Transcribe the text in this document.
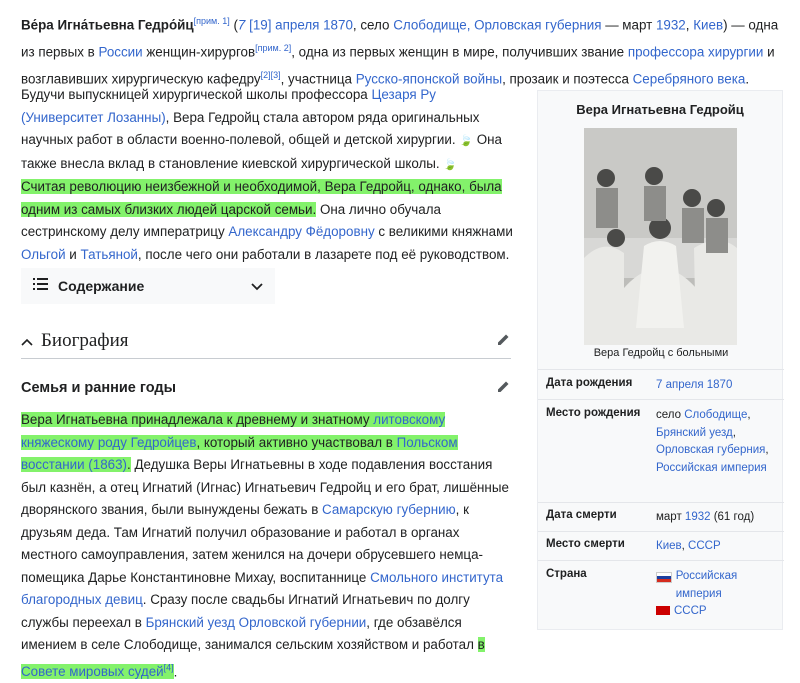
Ве́ра Игна́тьевна Гедро́йц[прим. 1] (7 [19] апреля 1870, село Слободище, Орловская губерния — март 1932, Киев) — одна из первых в России женщин-хирургов[прим. 2], одна из первых женщин в мире, получивших звание профессора хирургии и возглавивших хирургическую кафедру[2][3], участница Русско-японской войны, прозаик и поэтесса Серебряного века.
Будучи выпускницей хирургической школы профессора Цезаря Ру (Университет Лозанны), Вера Гедройц стала автором ряда оригинальных научных работ в области военно-полевой, общей и детской хирургии. 🍃 Она также внесла вклад в становление киевской хирургической школы. 🍃
Считая революцию неизбежной и необходимой, Вера Гедройц, однако, была одним из самых близких людей царской семьи. Она лично обучала сестринскому делу императрицу Александру Фёдоровну с великими княжнами Ольгой и Татьяной, после чего они работали в лазарете под её руководством.
Содержание
Биография
Семья и ранние годы
Вера Игнатьевна принадлежала к древнему и знатному литовскому княжескому роду Гедройцев, который активно участвовал в Польском восстании (1863). Дедушка Веры Игнатьевны в ходе подавления восстания был казнён, а отец Игнатий (Игнас) Игнатьевич Гедройц и его брат, лишённые дворянского звания, были вынуждены бежать в Самарскую губернию, к друзьям деда. Там Игнатий получил образование и работал в органах местного самоуправления, затем женился на дочери обрусевшего немца-помещика Дарье Константиновне Михау, воспитаннице Смольного института благородных девиц. Сразу после свадьбы Игнатий Игнатьевич по долгу службы переехал в Брянский уезд Орловской губернии, где обзавёлся имением в селе Слободище, занимался сельским хозяйством и работал в Совете мировых судей[4].
Вера Игнатьевна Гедройц
Вера Гедройц с больными
Дата рождения	7 апреля 1870
Место рождения	село Слободище,
Брянский уезд,
Орловская губерния,
Российская империя
Дата смерти	март 1932 (61 год)
Место смерти	Киев, СССР
Страна	Российская империя
СССР
